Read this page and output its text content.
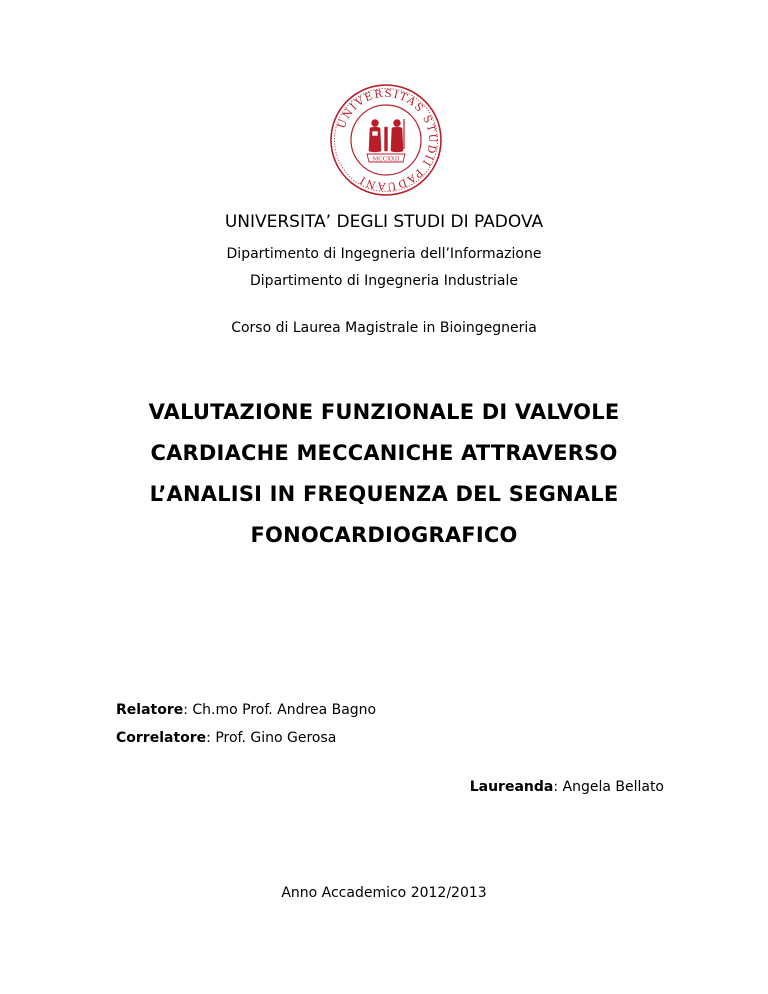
UNIVERSITAS STUDII PADUANI
MCCXXII
UNIVERSITA’ DEGLI STUDI DI PADOVA
Dipartimento di Ingegneria dell’Informazione
Dipartimento di Ingegneria Industriale
Corso di Laurea Magistrale in Bioingegneria
VALUTAZIONE FUNZIONALE DI VALVOLE
CARDIACHE MECCANICHE ATTRAVERSO
L’ANALISI IN FREQUENZA DEL SEGNALE
FONOCARDIOGRAFICO
Relatore: Ch.mo Prof. Andrea Bagno
Correlatore: Prof. Gino Gerosa
Laureanda: Angela Bellato
Anno Accademico 2012/2013
